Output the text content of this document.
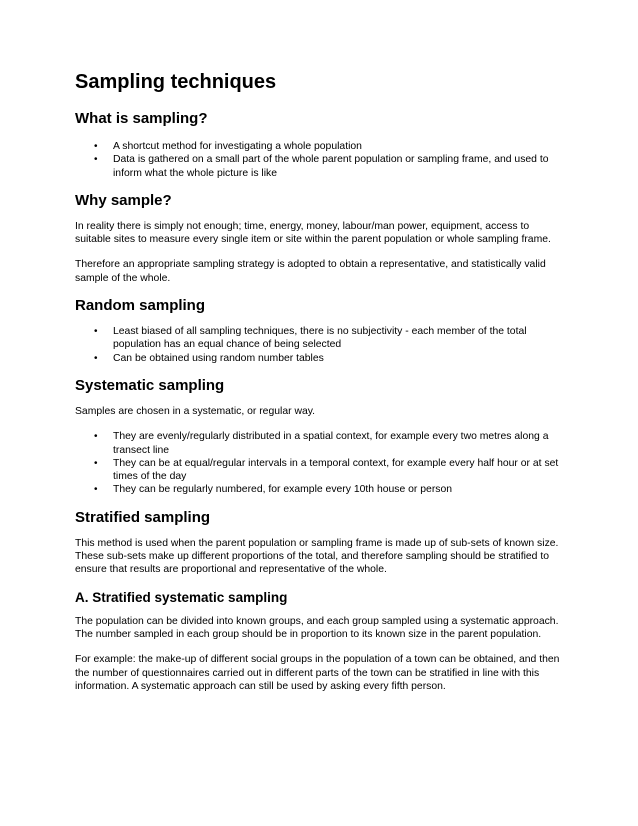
Sampling techniques
What is sampling?
• A shortcut method for investigating a whole population
• Data is gathered on a small part of the whole parent population or sampling frame, and used to inform what the whole picture is like
Why sample?

In reality there is simply not enough; time, energy, money, labour/man power, equipment, access to suitable sites to measure every single item or site within the parent population or whole sampling frame.

Therefore an appropriate sampling strategy is adopted to obtain a representative, and statistically valid sample of the whole.

Random sampling
• Least biased of all sampling techniques, there is no subjectivity - each member of the total population has an equal chance of being selected
• Can be obtained using random number tables
Systematic sampling

Samples are chosen in a systematic, or regular way.

• They are evenly/regularly distributed in a spatial context, for example every two metres along a transect line
• They can be at equal/regular intervals in a temporal context, for example every half hour or at set times of the day
• They can be regularly numbered, for example every 10th house or person
Stratified sampling

This method is used when the parent population or sampling frame is made up of sub-sets of known size. These sub-sets make up different proportions of the total, and therefore sampling should be stratified to ensure that results are proportional and representative of the whole.

A. Stratified systematic sampling

The population can be divided into known groups, and each group sampled using a systematic approach. The number sampled in each group should be in proportion to its known size in the parent population.

For example: the make-up of different social groups in the population of a town can be obtained, and then the number of questionnaires carried out in different parts of the town can be stratified in line with this information. A systematic approach can still be used by asking every fifth person.
